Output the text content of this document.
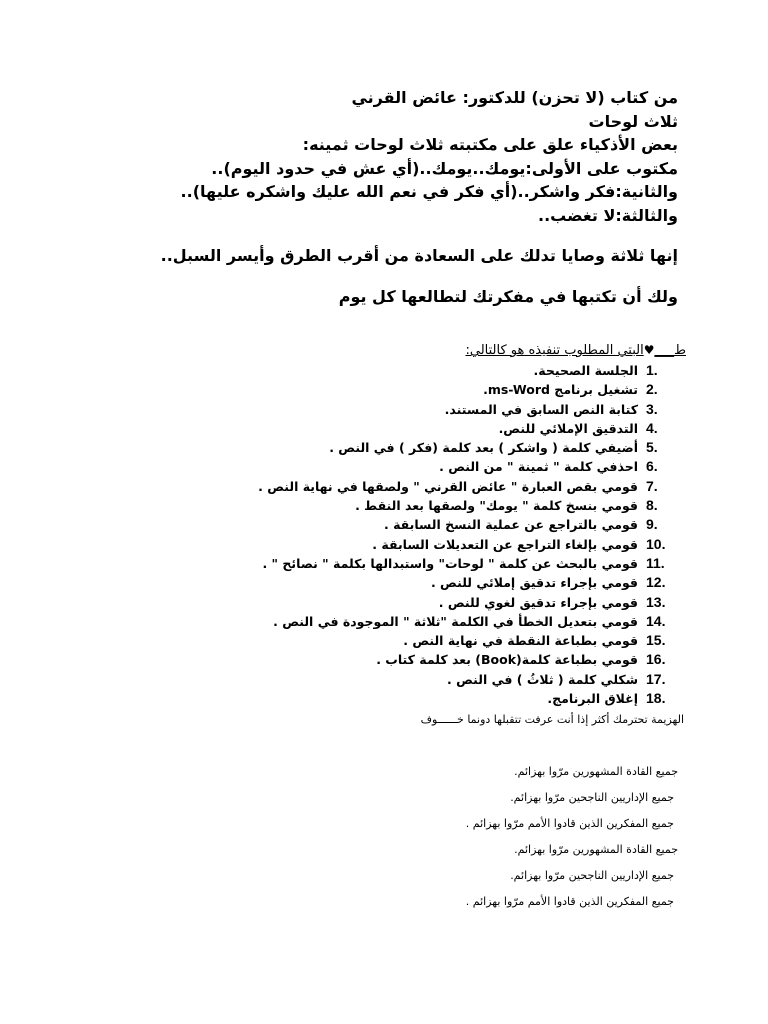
من كتاب (لا تحزن) للدكتور: عائض القرني

ثلاث لوحات

بعض الأذكياء علق على مكتبته ثلاث لوحات ثمينه:

مكتوب على الأولى:يومك..يومك..(أي عش في حدود اليوم)..

والثانية:فكر واشكر..(أي فكر في نعم الله عليك واشكره عليها)..

والثالثة:لا تغضب..

إنها ثلاثة وصايا تدلك على السعادة من أقرب الطرق وأيسر السبل..

ولك أن تكتبها في مفكرتك لتطالعها كل يوم

ط___♥البتي المطلوب تنفيذه هو كالتالي:

1.
الجلسة الصحيحة.
2.
تشغيل برنامج ms-Word.
3.
كتابة النص السابق في المستند.
4.
التدقيق الإملائي للنص.
5.
أضيفي كلمة ( واشكر ) بعد كلمة (فكر ) في النص .
6.
احذفي كلمة " ثمينة " من النص .
7.
قومي بقص العبارة " عائض القرني " ولصقها في نهاية النص .
8.
قومي بنسخ كلمة " يومك" ولصقها بعد النقط .
9.
قومي بالتراجع عن عملية النسخ السابقة .
10.
قومي بإلغاء التراجع عن التعديلات السابقة .
11.
قومي بالبحث عن كلمة " لوحات" واستبدالها بكلمة " نصائح " .
12.
قومي بإجراء تدقيق إملائي للنص .
13.
قومي بإجراء تدقيق لغوي للنص .
14.
قومي بتعديل الخطأ في الكلمة "ثلاثة " الموجودة في النص .
15.
قومي بطباعة النقطة في نهاية النص .
16.
قومي بطباعة كلمة(Book) بعد كلمة كتاب .
17.
شكلي كلمة ( ثلاثُ ) في النص .
18.
إغلاق البرنامج.

الهزيمة تحترمك أكثر إذا أنت عرفت تتقبلها دونما خــــــوف

جميع القادة المشهورين مرّوا بهزائم.
جميع الإداريين الناجحين مرّوا بهزائم.
جميع المفكرين الذين قادوا الأمم مرّوا بهزائم .
جميع القادة المشهورين مرّوا بهزائم.
جميع الإداريين الناجحين مرّوا بهزائم.
جميع المفكرين الذين قادوا الأمم مرّوا بهزائم .
